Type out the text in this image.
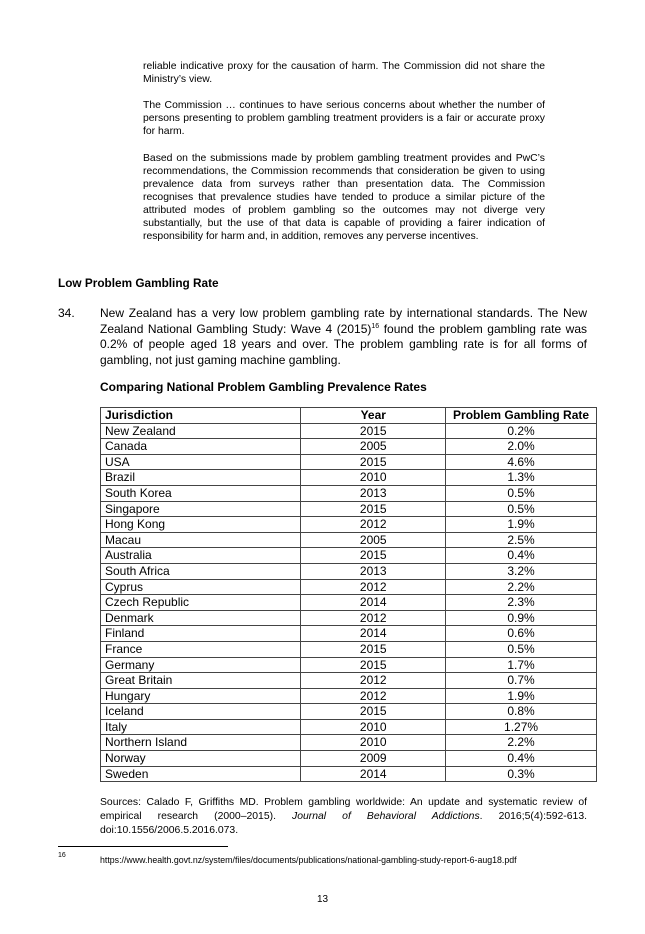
reliable indicative proxy for the causation of harm. The Commission did not share the Ministry’s view.

The Commission … continues to have serious concerns about whether the number of persons presenting to problem gambling treatment providers is a fair or accurate proxy for harm.

Based on the submissions made by problem gambling treatment provides and PwC’s recommendations, the Commission recommends that consideration be given to using prevalence data from surveys rather than presentation data. The Commission recognises that prevalence studies have tended to produce a similar picture of the attributed modes of problem gambling so the outcomes may not diverge very substantially, but the use of that data is capable of providing a fairer indication of responsibility for harm and, in addition, removes any perverse incentives.

Low Problem Gambling Rate
34. New Zealand has a very low problem gambling rate by international standards. The New Zealand National Gambling Study: Wave 4 $(2015)^{16}$ found the problem gambling rate was 0.2% of people aged 18 years and over. The problem gambling rate is for all forms of gambling, not just gaming machine gambling.
Comparing National Problem Gambling Prevalence Rates
Jurisdiction	Year	Problem Gambling Rate
New Zealand	2015	0.2%
Canada	2005	2.0%
USA	2015	4.6%
Brazil	2010	1.3%
South Korea	2013	0.5%
Singapore	2015	0.5%
Hong Kong	2012	1.9%
Macau	2005	2.5%
Australia	2015	0.4%
South Africa	2013	3.2%
Cyprus	2012	2.2%
Czech Republic	2014	2.3%
Denmark	2012	0.9%
Finland	2014	0.6%
France	2015	0.5%
Germany	2015	1.7%
Great Britain	2012	0.7%
Hungary	2012	1.9%
Iceland	2015	0.8%
Italy	2010	1.27%
Northern Island	2010	2.2%
Norway	2009	0.4%
Sweden	2014	0.3%
Sources: Calado F, Griffiths MD. Problem gambling worldwide: An update and systematic review of empirical research (2000–2015). Journal of Behavioral Addictions. 2016;5(4):592-613. doi:10.1556/2006.5.2016.073.
16	https://www.health.govt.nz/system/files/documents/publications/national-gambling-study-report-6-aug18.pdf
13
